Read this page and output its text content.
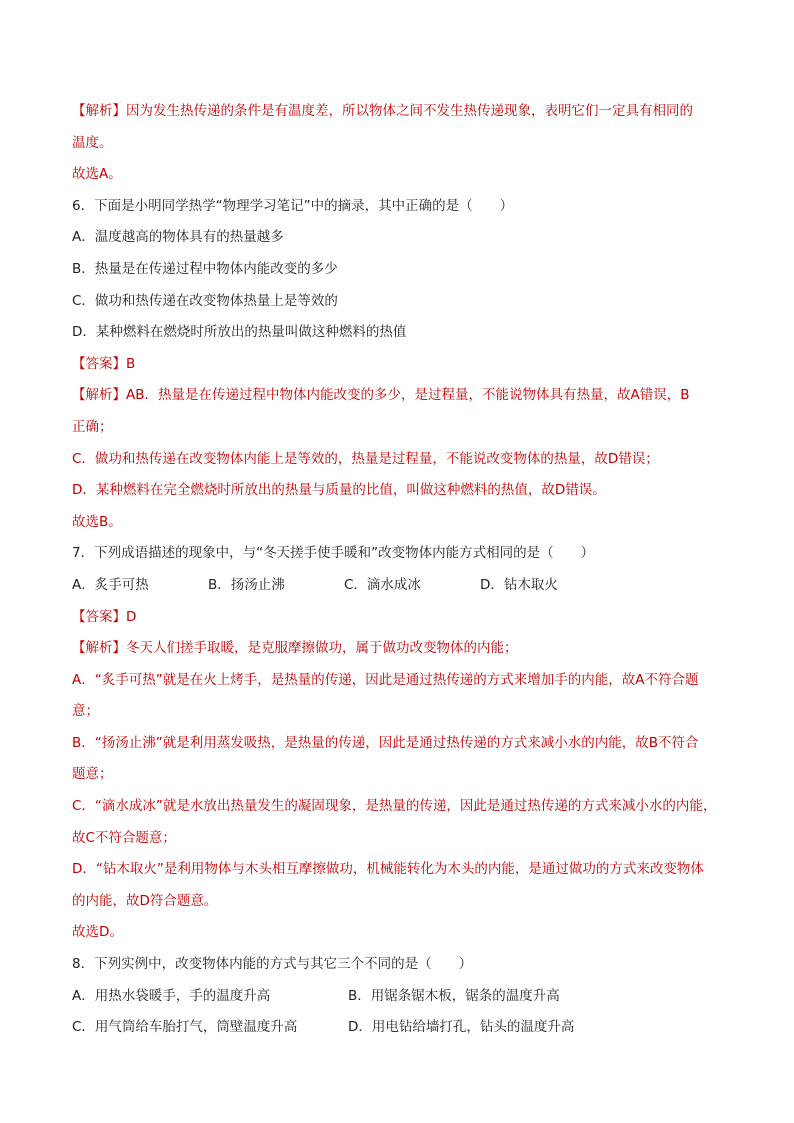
【解析】因为发生热传递的条件是有温度差，所以物体之间不发生热传递现象，表明它们一定具有相同的
温度。
故选A。
6．下面是小明同学热学“物理学习笔记”中的摘录，其中正确的是（　　）
A．温度越高的物体具有的热量越多
B．热量是在传递过程中物体内能改变的多少
C．做功和热传递在改变物体热量上是等效的
D．某种燃料在燃烧时所放出的热量叫做这种燃料的热值
【答案】B
【解析】AB．热量是在传递过程中物体内能改变的多少，是过程量，不能说物体具有热量，故A错误，B
正确；
C．做功和热传递在改变物体内能上是等效的，热量是过程量，不能说改变物体的热量，故D错误；
D．某种燃料在完全燃烧时所放出的热量与质量的比值，叫做这种燃料的热值，故D错误。
故选B。
7．下列成语描述的现象中，与“冬天搓手使手暖和”改变物体内能方式相同的是（　　）
A．炙手可热	B．扬汤止沸	C．滴水成冰	D．钻木取火
【答案】D
【解析】冬天人们搓手取暖，是克服摩擦做功，属于做功改变物体的内能；
A．“炙手可热”就是在火上烤手，是热量的传递，因此是通过热传递的方式来增加手的内能，故A不符合题
意；
B．“扬汤止沸”就是利用蒸发吸热，是热量的传递，因此是通过热传递的方式来减小水的内能，故B不符合
题意；
C．“滴水成冰”就是水放出热量发生的凝固现象，是热量的传递，因此是通过热传递的方式来减小水的内能，
故C不符合题意；
D．“钻木取火”是利用物体与木头相互摩擦做功，机械能转化为木头的内能，是通过做功的方式来改变物体
的内能，故D符合题意。
故选D。
8．下列实例中，改变物体内能的方式与其它三个不同的是（　　）
A．用热水袋暖手，手的温度升高	B．用锯条锯木板，锯条的温度升高
C．用气筒给车胎打气，筒壁温度升高	D．用电钻给墙打孔，钻头的温度升高
